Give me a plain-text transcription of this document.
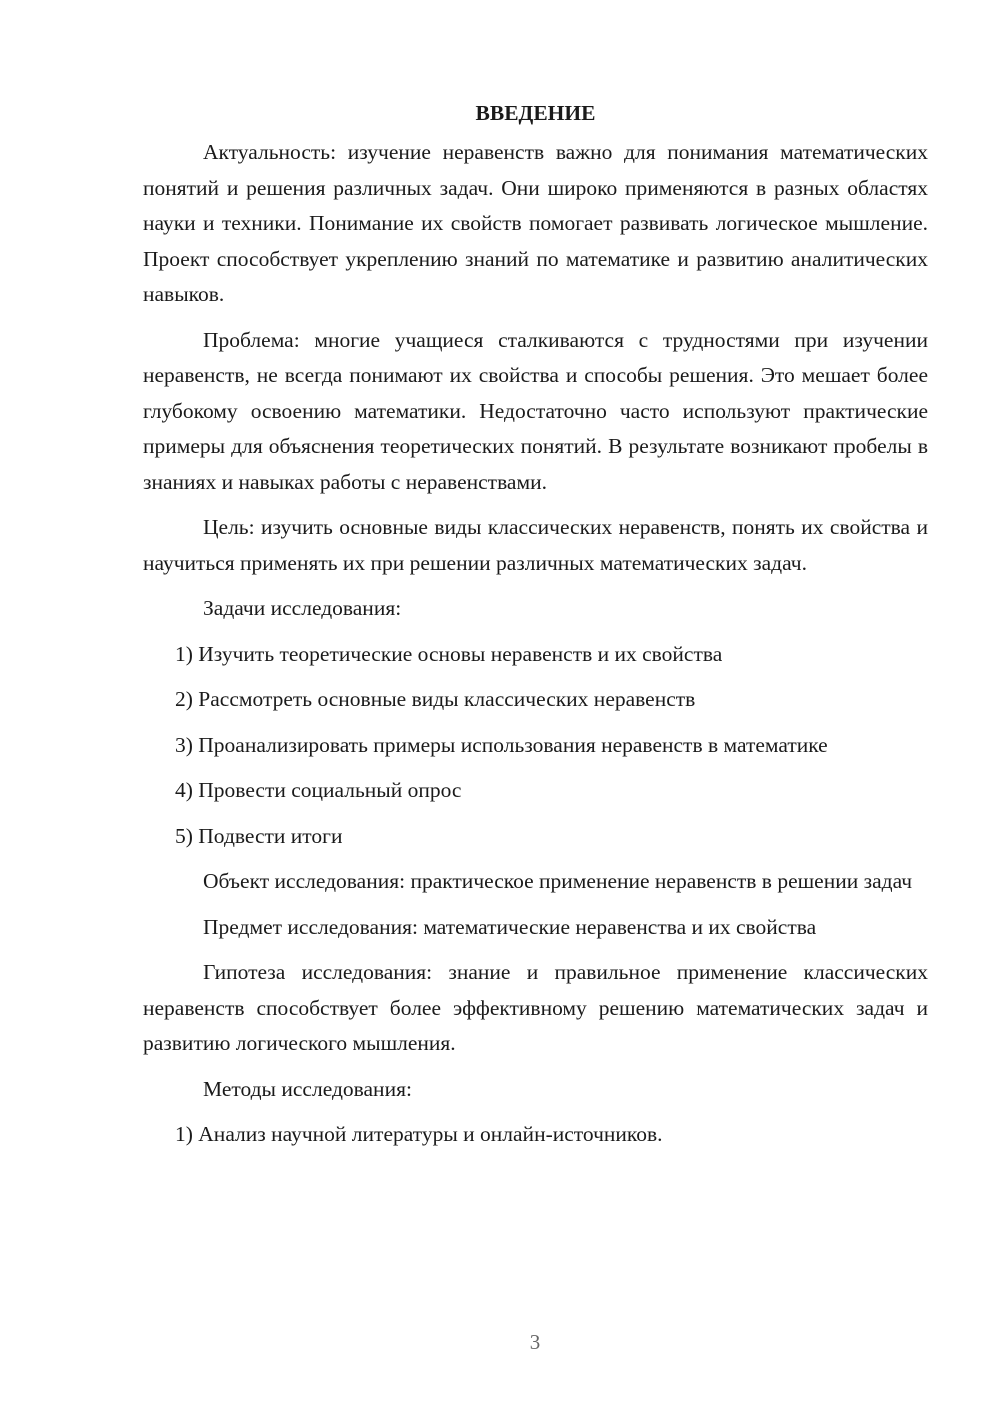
ВВЕДЕНИЕ

Актуальность: изучение неравенств важно для понимания математических понятий и решения различных задач. Они широко применяются в разных областях науки и техники. Понимание их свойств помогает развивать логическое мышление. Проект способствует укреплению знаний по математике и развитию аналитических навыков.

Проблема: многие учащиеся сталкиваются с трудностями при изучении неравенств, не всегда понимают их свойства и способы решения. Это мешает более глубокому освоению математики. Недостаточно часто используют практические примеры для объяснения теоретических понятий. В результате возникают пробелы в знаниях и навыках работы с неравенствами.

Цель: изучить основные виды классических неравенств, понять их свойства и научиться применять их при решении различных математических задач.

Задачи исследования:

1) Изучить теоретические основы неравенств и их свойства

2) Рассмотреть основные виды классических неравенств

3) Проанализировать примеры использования неравенств в математике

4) Провести социальный опрос

5) Подвести итоги

Объект исследования: практическое применение неравенств в решении задач

Предмет исследования: математические неравенства и их свойства

Гипотеза исследования: знание и правильное применение классических неравенств способствует более эффективному решению математических задач и развитию логического мышления.

Методы исследования:

1) Анализ научной литературы и онлайн-источников.

3
